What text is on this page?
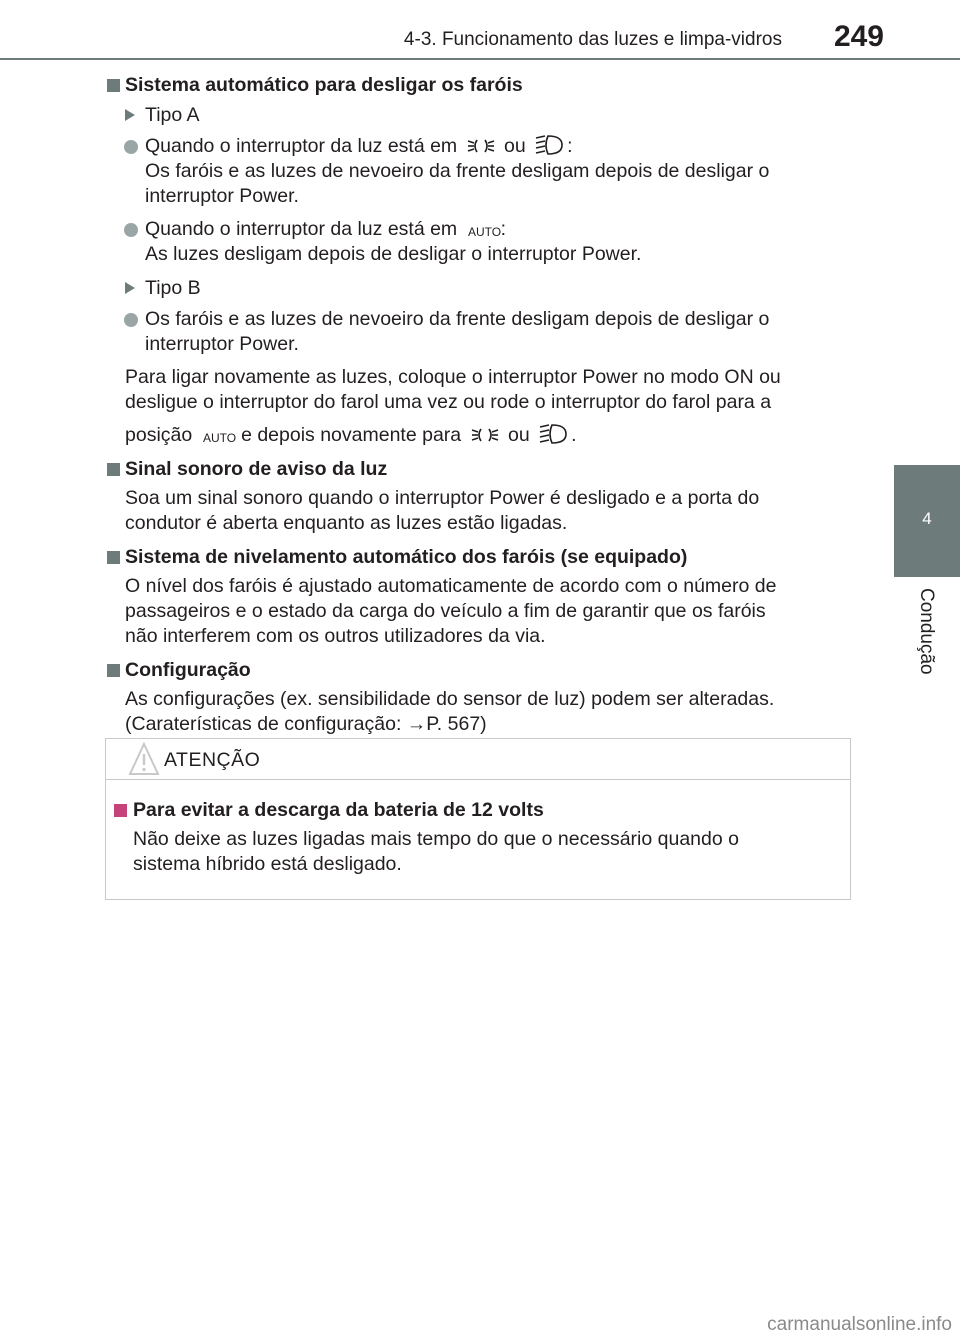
4-3. Funcionamento das luzes e limpa-vidros 249
4
Condução
Sistema automático para desligar os faróis
Tipo A
Quando o interruptor da luz está em ou :
Os faróis e as luzes de nevoeiro da frente desligam depois de desligar o
interruptor Power.
Quando o interruptor da luz está em AUTO :
As luzes desligam depois de desligar o interruptor Power.
Tipo B
Os faróis e as luzes de nevoeiro da frente desligam depois de desligar o
interruptor Power.
Para ligar novamente as luzes, coloque o interruptor Power no modo ON ou
desligue o interruptor do farol uma vez ou rode o interruptor do farol para a
posição AUTO e depois novamente para ou .
Sinal sonoro de aviso da luz
Soa um sinal sonoro quando o interruptor Power é desligado e a porta do
condutor é aberta enquanto as luzes estão ligadas.
Sistema de nivelamento automático dos faróis (se equipado)
O nível dos faróis é ajustado automaticamente de acordo com o número de
passageiros e o estado da carga do veículo a fim de garantir que os faróis
não interferem com os outros utilizadores da via.
Configuração
As configurações (ex. sensibilidade do sensor de luz) podem ser alteradas.
(Caraterísticas de configuração: →P. 567)
ATENÇÃO
Para evitar a descarga da bateria de 12 volts
Não deixe as luzes ligadas mais tempo do que o necessário quando o
sistema híbrido está desligado.
carmanualsonline.info
